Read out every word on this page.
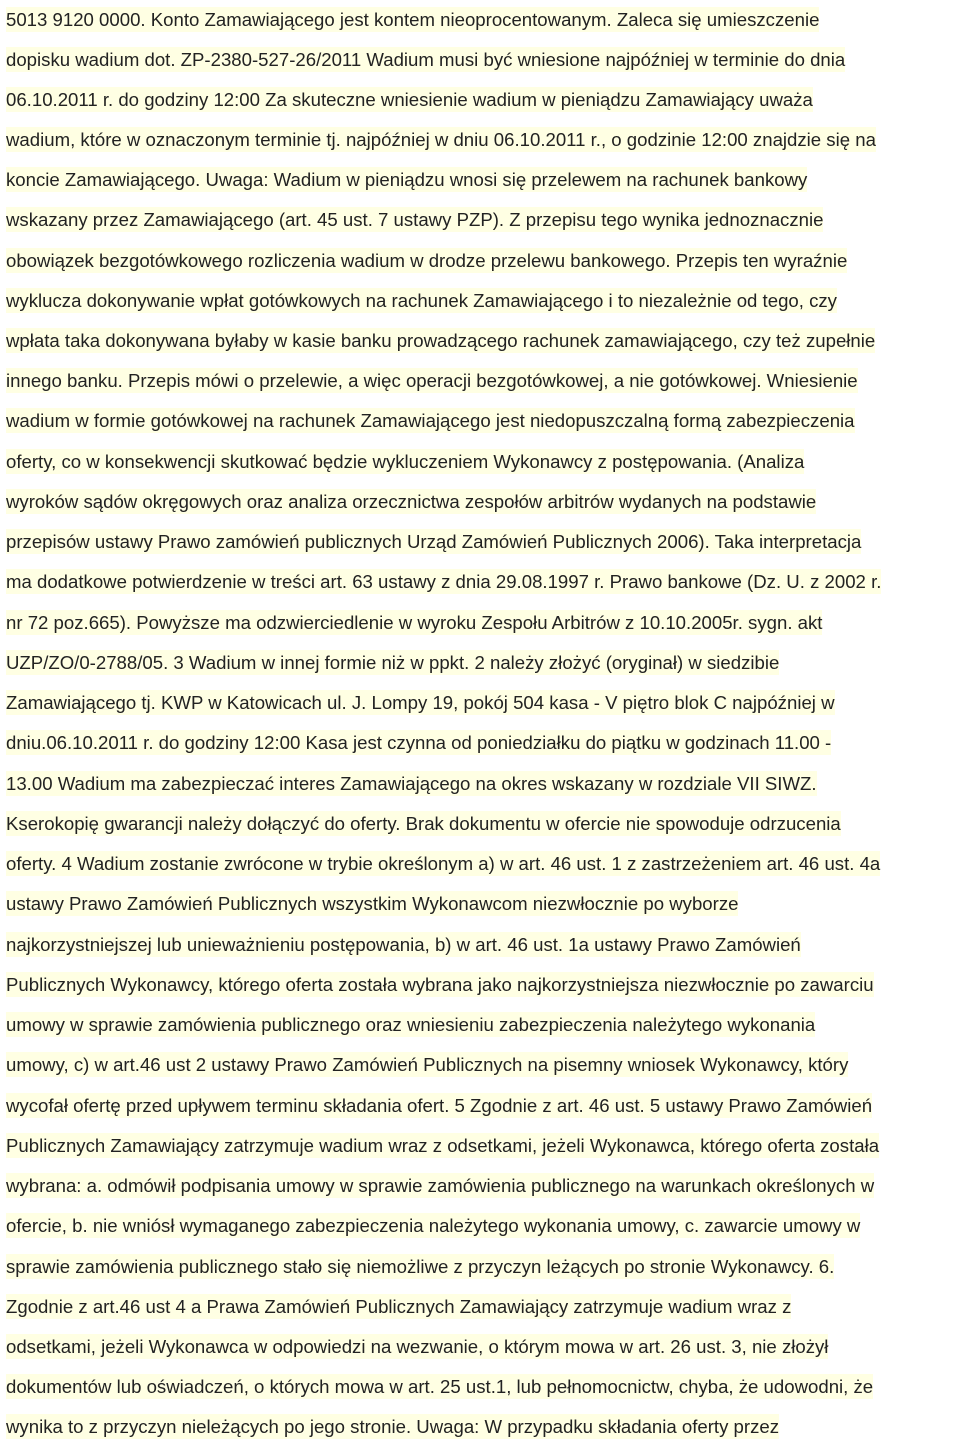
5013 9120 0000. Konto Zamawiającego jest kontem nieoprocentowanym. Zaleca się umieszczenie
dopisku wadium dot. ZP-2380-527-26/2011 Wadium musi być wniesione najpóźniej w terminie do dnia
06.10.2011 r. do godziny 12:00 Za skuteczne wniesienie wadium w pieniądzu Zamawiający uważa
wadium, które w oznaczonym terminie tj. najpóźniej w dniu 06.10.2011 r., o godzinie 12:00 znajdzie się na
koncie Zamawiającego. Uwaga: Wadium w pieniądzu wnosi się przelewem na rachunek bankowy
wskazany przez Zamawiającego (art. 45 ust. 7 ustawy PZP). Z przepisu tego wynika jednoznacznie
obowiązek bezgotówkowego rozliczenia wadium w drodze przelewu bankowego. Przepis ten wyraźnie
wyklucza dokonywanie wpłat gotówkowych na rachunek Zamawiającego i to niezależnie od tego, czy
wpłata taka dokonywana byłaby w kasie banku prowadzącego rachunek zamawiającego, czy też zupełnie
innego banku. Przepis mówi o przelewie, a więc operacji bezgotówkowej, a nie gotówkowej. Wniesienie
wadium w formie gotówkowej na rachunek Zamawiającego jest niedopuszczalną formą zabezpieczenia
oferty, co w konsekwencji skutkować będzie wykluczeniem Wykonawcy z postępowania. (Analiza
wyroków sądów okręgowych oraz analiza orzecznictwa zespołów arbitrów wydanych na podstawie
przepisów ustawy Prawo zamówień publicznych Urząd Zamówień Publicznych 2006). Taka interpretacja
ma dodatkowe potwierdzenie w treści art. 63 ustawy z dnia 29.08.1997 r. Prawo bankowe (Dz. U. z 2002 r.
nr 72 poz.665). Powyższe ma odzwierciedlenie w wyroku Zespołu Arbitrów z 10.10.2005r. sygn. akt
UZP/ZO/0-2788/05. 3 Wadium w innej formie niż w ppkt. 2 należy złożyć (oryginał) w siedzibie
Zamawiającego tj. KWP w Katowicach ul. J. Lompy 19, pokój 504 kasa - V piętro blok C najpóźniej w
dniu.06.10.2011 r. do godziny 12:00 Kasa jest czynna od poniedziałku do piątku w godzinach 11.00 -
13.00 Wadium ma zabezpieczać interes Zamawiającego na okres wskazany w rozdziale VII SIWZ.
Kserokopię gwarancji należy dołączyć do oferty. Brak dokumentu w ofercie nie spowoduje odrzucenia
oferty. 4 Wadium zostanie zwrócone w trybie określonym a) w art. 46 ust. 1 z zastrzeżeniem art. 46 ust. 4a
ustawy Prawo Zamówień Publicznych wszystkim Wykonawcom niezwłocznie po wyborze
najkorzystniejszej lub unieważnieniu postępowania, b) w art. 46 ust. 1a ustawy Prawo Zamówień
Publicznych Wykonawcy, którego oferta została wybrana jako najkorzystniejsza niezwłocznie po zawarciu
umowy w sprawie zamówienia publicznego oraz wniesieniu zabezpieczenia należytego wykonania
umowy, c) w art.46 ust 2 ustawy Prawo Zamówień Publicznych na pisemny wniosek Wykonawcy, który
wycofał ofertę przed upływem terminu składania ofert. 5 Zgodnie z art. 46 ust. 5 ustawy Prawo Zamówień
Publicznych Zamawiający zatrzymuje wadium wraz z odsetkami, jeżeli Wykonawca, którego oferta została
wybrana: a. odmówił podpisania umowy w sprawie zamówienia publicznego na warunkach określonych w
ofercie, b. nie wniósł wymaganego zabezpieczenia należytego wykonania umowy, c. zawarcie umowy w
sprawie zamówienia publicznego stało się niemożliwe z przyczyn leżących po stronie Wykonawcy. 6.
Zgodnie z art.46 ust 4 a Prawa Zamówień Publicznych Zamawiający zatrzymuje wadium wraz z
odsetkami, jeżeli Wykonawca w odpowiedzi na wezwanie, o którym mowa w art. 26 ust. 3, nie złożył
dokumentów lub oświadczeń, o których mowa w art. 25 ust.1, lub pełnomocnictw, chyba, że udowodni, że
wynika to z przyczyn nieleżących po jego stronie. Uwaga: W przypadku składania oferty przez
